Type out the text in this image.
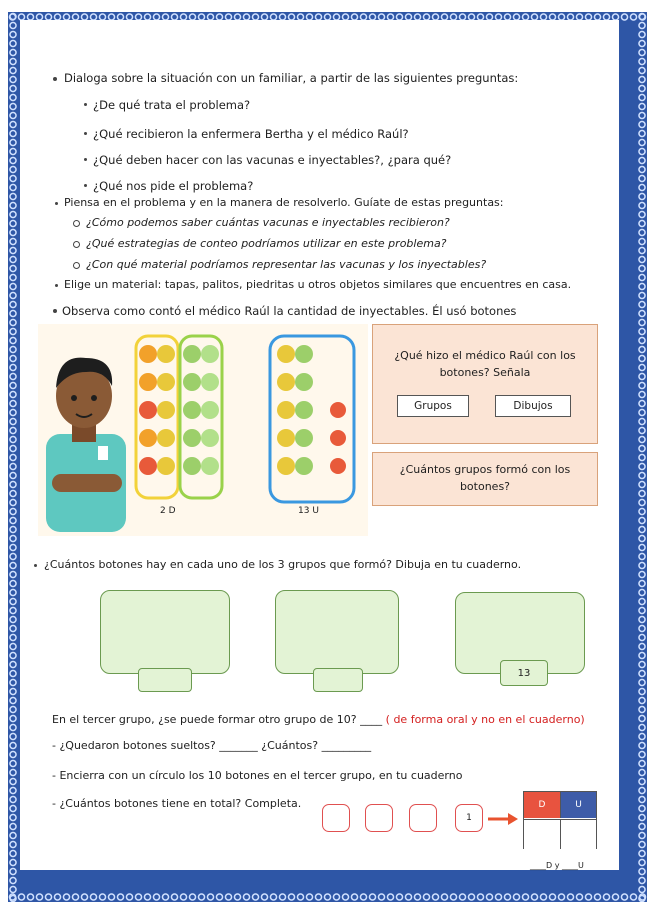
Dialoga sobre la situación con un familiar, a partir de las siguientes preguntas:
¿De qué trata el problema?
¿Qué recibieron la enfermera Bertha y el médico Raúl?
¿Qué deben hacer con las vacunas e inyectables?, ¿para qué?
¿Qué nos pide el problema?
Piensa en el problema y en la manera de resolverlo. Guíate de estas preguntas:
¿Cómo podemos saber cuántas vacunas e inyectables recibieron?
¿Qué estrategias de conteo podríamos utilizar en este problema?
¿Con qué material podríamos representar las vacunas y los inyectables?
Elige un material: tapas, palitos, piedritas u otros objetos similares que encuentres en casa.
Observa como contó el médico Raúl la cantidad de inyectables. Él usó botones
2 D	13 U
¿Qué hizo el médico Raúl con los botones? Señala
Grupos	Dibujos
¿Cuántos grupos formó con los botones?
¿Cuántos botones hay en cada uno de los 3 grupos que formó? Dibuja en tu cuaderno.
13
En el tercer grupo, ¿se puede formar otro grupo de 10? ____ ( de forma oral y no en el cuaderno)
- ¿Quedaron botones sueltos? _______ ¿Cuántos? _________
- Encierra con un círculo los 10 botones en el tercer grupo, en tu cuaderno
- ¿Cuántos botones tiene en total? Completa.
1
D	U
____D y ____U
